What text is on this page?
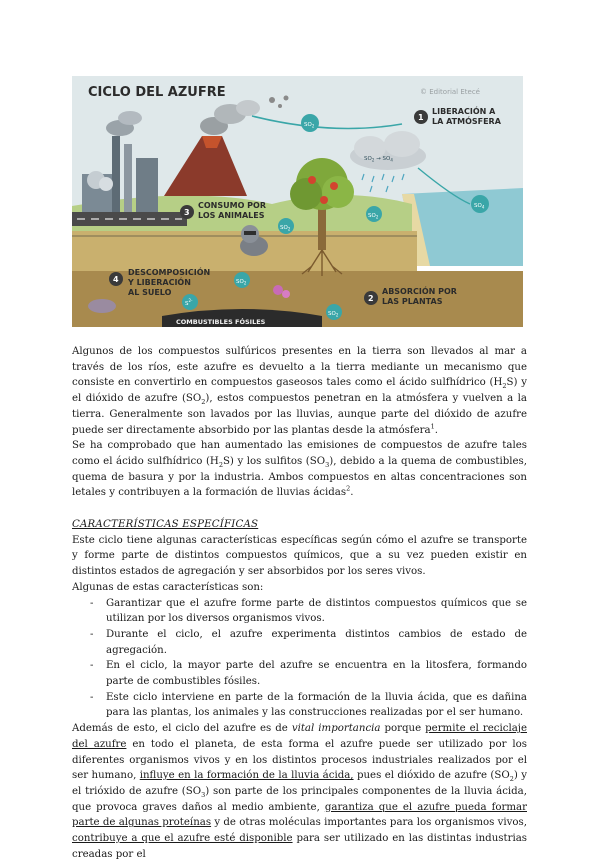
CICLO DEL AZUFRE	© Editorial Etecé
$SO_2$
$SO_2 \to SO_4$
1
LIBERACIÓN A
LA ATMÓSFERA
$SO_4$
$SO_2$
3
CONSUMO POR
LOS ANIMALES
$SO_2$
4
DESCOMPOSICIÓN
Y LIBERACIÓN
AL SUELO
2
ABSORCIÓN POR
LAS PLANTAS
$SO_2$
$SO_2$
$S^{2-}$
COMBUSTIBLES FÓSILES

Algunos de los compuestos sulfúricos presentes en la tierra son llevados al mar a través de los ríos, este azufre es devuelto a la tierra mediante un mecanismo que consiste en convertirlo en compuestos gaseosos tales como el ácido sulfhídrico $(H_2S)$ y el dióxido de azufre $(SO_2)$, estos compuestos penetran en la atmósfera y vuelven a la tierra. Generalmente son lavados por las lluvias, aunque parte del dióxido de azufre puede ser directamente absorbido por las plantas desde la atmósfera$^1$.

Se ha comprobado que han aumentado las emisiones de compuestos de azufre tales como el ácido sulfhídrico $(H_2S)$ y los sulfitos $(SO_3)$, debido a la quema de combustibles, quema de basura y por la industria. Ambos compuestos en altas concentraciones son letales y contribuyen a la formación de lluvias ácidas$^2$.

CARACTERÍSTICAS ESPECÍFICAS

Este ciclo tiene algunas características específicas según cómo el azufre se transporte y forme parte de distintos compuestos químicos, que a su vez pueden existir en distintos estados de agregación y ser absorbidos por los seres vivos.

Algunas de estas características son:

- Garantizar que el azufre forme parte de distintos compuestos químicos que se utilizan por los diversos organismos vivos.
- Durante el ciclo, el azufre experimenta distintos cambios de estado de agregación.
- En el ciclo, la mayor parte del azufre se encuentra en la litosfera, formando parte de combustibles fósiles.
- Este ciclo interviene en parte de la formación de la lluvia ácida, que es dañina para las plantas, los animales y las construcciones realizadas por el ser humano.

Además de esto, el ciclo del azufre es de vital importancia porque permite el reciclaje del azufre en todo el planeta, de esta forma el azufre puede ser utilizado por los diferentes organismos vivos y en los distintos procesos industriales realizados por el ser humano, influye en la formación de la lluvia ácida, pues el dióxido de azufre $(SO_2)$ y el trióxido de azufre $(SO_3)$ son parte de los principales componentes de la lluvia ácida, que provoca graves daños al medio ambiente, garantiza que el azufre pueda formar parte de algunas proteínas y de otras moléculas importantes para los organismos vivos, contribuye a que el azufre esté disponible para ser utilizado en las distintas industrias creadas por el
